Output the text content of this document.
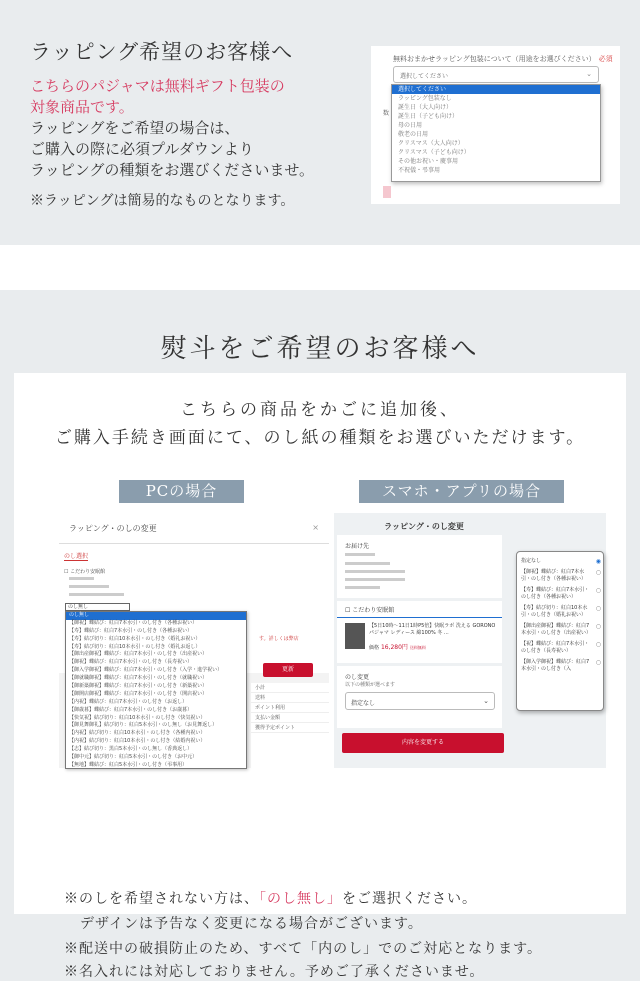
ラッピング希望のお客様へ
こちらのパジャマは無料ギフト包装の
対象商品です。
ラッピングをご希望の場合は、
ご購入の際に必須プルダウンより
ラッピングの種類をお選びくださいませ。
※ラッピングは簡易的なものとなります。
無料おまかせラッピング包装について（用途をお選びください） 必須
選択してください	⌄
数
選択してください
ラッピング包装なし
誕生日（大人向け）
誕生日（子ども向け）
母の日用
敬老の日用
クリスマス（大人向け）
クリスマス（子ども向け）
その他お祝い・慶事用
不祝儀・弔事用
熨斗をご希望のお客様へ
こちらの商品をかごに追加後、
ご購入手続き画面にて、のし紙の種類をお選びいただけます。
PCの場合	スマホ・アプリの場合
ラッピング・のしの変更	×
のし選択
☐ こだわり安眠館
のし無し
す。詳しくは弊店
更新
小計
送料
ポイント利用
支払い金額
獲得予定ポイント
のし無し
【御祝】蝶結び：紅白7本水引・のし付き（各種お祝い）
【寿】蝶結び：紅白7本水引・のし付き（各種お祝い）
【寿】結び切り：紅白10本水引・のし付き（婚礼お祝い）
【寿】結び切り：紅白10本水引・のし付き（婚礼お返し）
【御出産御祝】蝶結び：紅白7本水引・のし付き（出産祝い）
【御祝】蝶結び：紅白7本水引・のし付き（長寿祝い）
【御入学御祝】蝶結び：紅白7本水引・のし付き（入学・進学祝い）
【御就職御祝】蝶結び：紅白7本水引・のし付き（就職祝い）
【御新築御祝】蝶結び：紅白7本水引・のし付き（新築祝い）
【御開店御祝】蝶結び：紅白7本水引・のし付き（開店祝い）
【内祝】蝶結び：紅白7本水引・のし付き（お返し）
【御歳暮】蝶結び：紅白7本水引・のし付き（お歳暮）
【快気祝】結び切り：紅白10本水引・のし付き（快気祝い）
【御見舞御礼】結び切り：紅白5本水引・のし無し（お見舞返し）
【内祝】結び切り：紅白10本水引・のし付き（各種内祝い）
【内祝】結び切り：紅白10本水引・のし付き（結婚内祝い）
【志】結び切り：黒白5本水引・のし無し（香典返し）
【御中元】結び切り：紅白5本水引・のし付き（お中元）
【無地】蝶結び：紅白5本水引・のし付き（弔事用）
ラッピング・のし変更
お届け先
☐ こだわり安眠館
【5日10時〜11日1時P5倍】快眠ラボ 洗える GORONO パジャマ レディース 綿100% 冬 ...
価格 16,280円 送料無料
のし変更
以下の種類が選べます
指定なし	⌄
内容を変更する
指定なし ◉
【御祝】蝶結び：紅白7本水引・のし付き（各種お祝い） ○
【寿】蝶結び：紅白7本水引・のし付き（各種お祝い） ○
【寿】結び切り：紅白10本水引・のし付き（婚礼お祝い） ○
【御出産御祝】蝶結び：紅白7本水引・のし付き（出産祝い） ○
【祝】蝶結び：紅白7本水引・のし付き（長寿祝い） ○
【御入学御祝】蝶結び：紅白7本水引・のし付き（入 ○
※のしを希望されない方は、「のし無し」をご選択ください。
デザインは予告なく変更になる場合がございます。
※配送中の破損防止のため、すべて「内のし」でのご対応となります。
※名入れには対応しておりません。予めご了承くださいませ。
